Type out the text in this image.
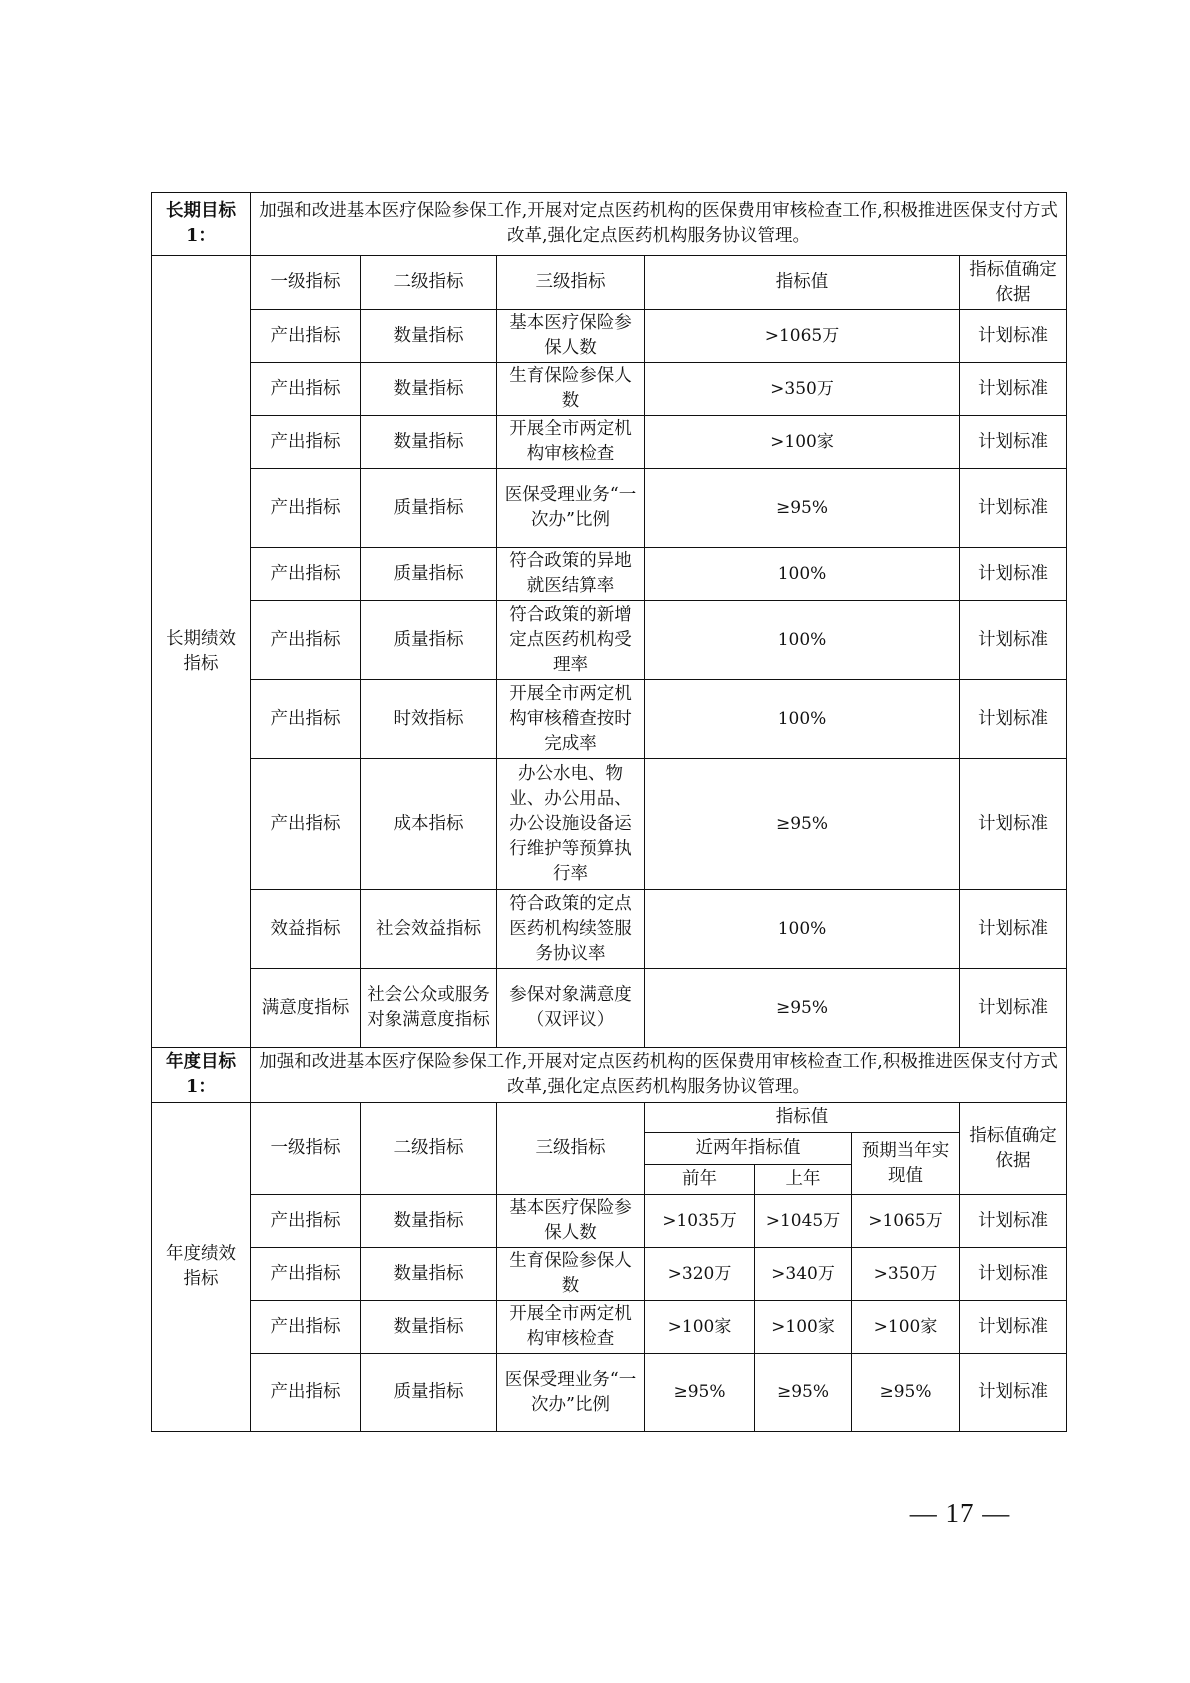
长期目标1：	加强和改进基本医疗保险参保工作,开展对定点医药机构的医保费用审核检查工作,积极推进医保支付方式改革,强化定点医药机构服务协议管理。						
长期绩效指标	一级指标	二级指标	三级指标	指标值			指标值确定依据
	产出指标	数量指标	基本医疗保险参保人数	>1065万			计划标准
	产出指标	数量指标	生育保险参保人数	>350万			计划标准
	产出指标	数量指标	开展全市两定机构审核检查	>100家			计划标准
	产出指标	质量指标	医保受理业务“一次办”比例	≥95%			计划标准
	产出指标	质量指标	符合政策的异地就医结算率	100%			计划标准
	产出指标	质量指标	符合政策的新增定点医药机构受理率	100%			计划标准
	产出指标	时效指标	开展全市两定机构审核稽查按时完成率	100%			计划标准
	产出指标	成本指标	办公水电、物业、办公用品、办公设施设备运行维护等预算执行率	≥95%			计划标准
	效益指标	社会效益指标	符合政策的定点医药机构续签服务协议率	100%			计划标准
	满意度指标	社会公众或服务对象满意度指标	参保对象满意度（双评议）	≥95%			计划标准
年度目标1：	加强和改进基本医疗保险参保工作,开展对定点医药机构的医保费用审核检查工作,积极推进医保支付方式改革,强化定点医药机构服务协议管理。						
年度绩效指标	一级指标	二级指标	三级指标	指标值			指标值确定依据
				近两年指标值		预期当年实现值	
				前年	上年		
	产出指标	数量指标	基本医疗保险参保人数	>1035万	>1045万	>1065万	计划标准
	产出指标	数量指标	生育保险参保人数	>320万	>340万	>350万	计划标准
	产出指标	数量指标	开展全市两定机构审核检查	>100家	>100家	>100家	计划标准
	产出指标	质量指标	医保受理业务“一次办”比例	≥95%	≥95%	≥95%	计划标准
— 17 —
